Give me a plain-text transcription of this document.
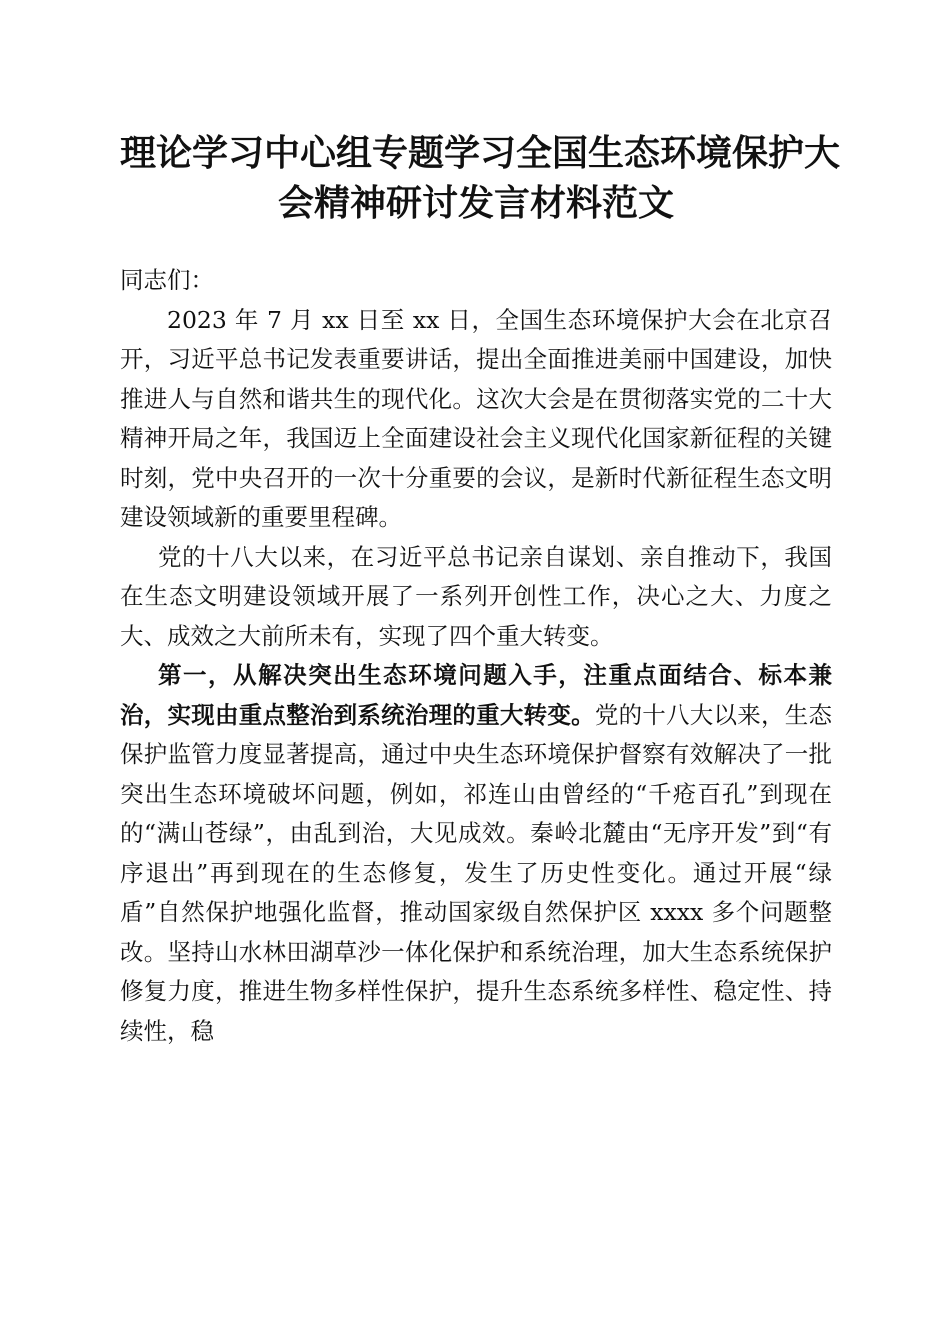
理论学习中心组专题学习全国生态环境保护大
会精神研讨发言材料范文

同志们：

2023 年 7 月 xx 日至 xx 日，全国生态环境保护大会在北京召开，习近平总书记发表重要讲话，提出全面推进美丽中国建设，加快推进人与自然和谐共生的现代化。这次大会是在贯彻落实党的二十大精神开局之年，我国迈上全面建设社会主义现代化国家新征程的关键时刻，党中央召开的一次十分重要的会议，是新时代新征程生态文明建设领域新的重要里程碑。

党的十八大以来，在习近平总书记亲自谋划、亲自推动下，我国在生态文明建设领域开展了一系列开创性工作，决心之大、力度之大、成效之大前所未有，实现了四个重大转变。

第一，从解决突出生态环境问题入手，注重点面结合、标本兼治，实现由重点整治到系统治理的重大转变。党的十八大以来，生态保护监管力度显著提高，通过中央生态环境保护督察有效解决了一批突出生态环境破坏问题，例如，祁连山由曾经的“千疮百孔”到现在的“满山苍绿”，由乱到治，大见成效。秦岭北麓由“无序开发”到“有序退出”再到现在的生态修复，发生了历史性变化。通过开展“绿盾”自然保护地强化监督，推动国家级自然保护区 xxxx 多个问题整改。坚持山水林田湖草沙一体化保护和系统治理，加大生态系统保护修复力度，推进生物多样性保护，提升生态系统多样性、稳定性、持续性，稳
